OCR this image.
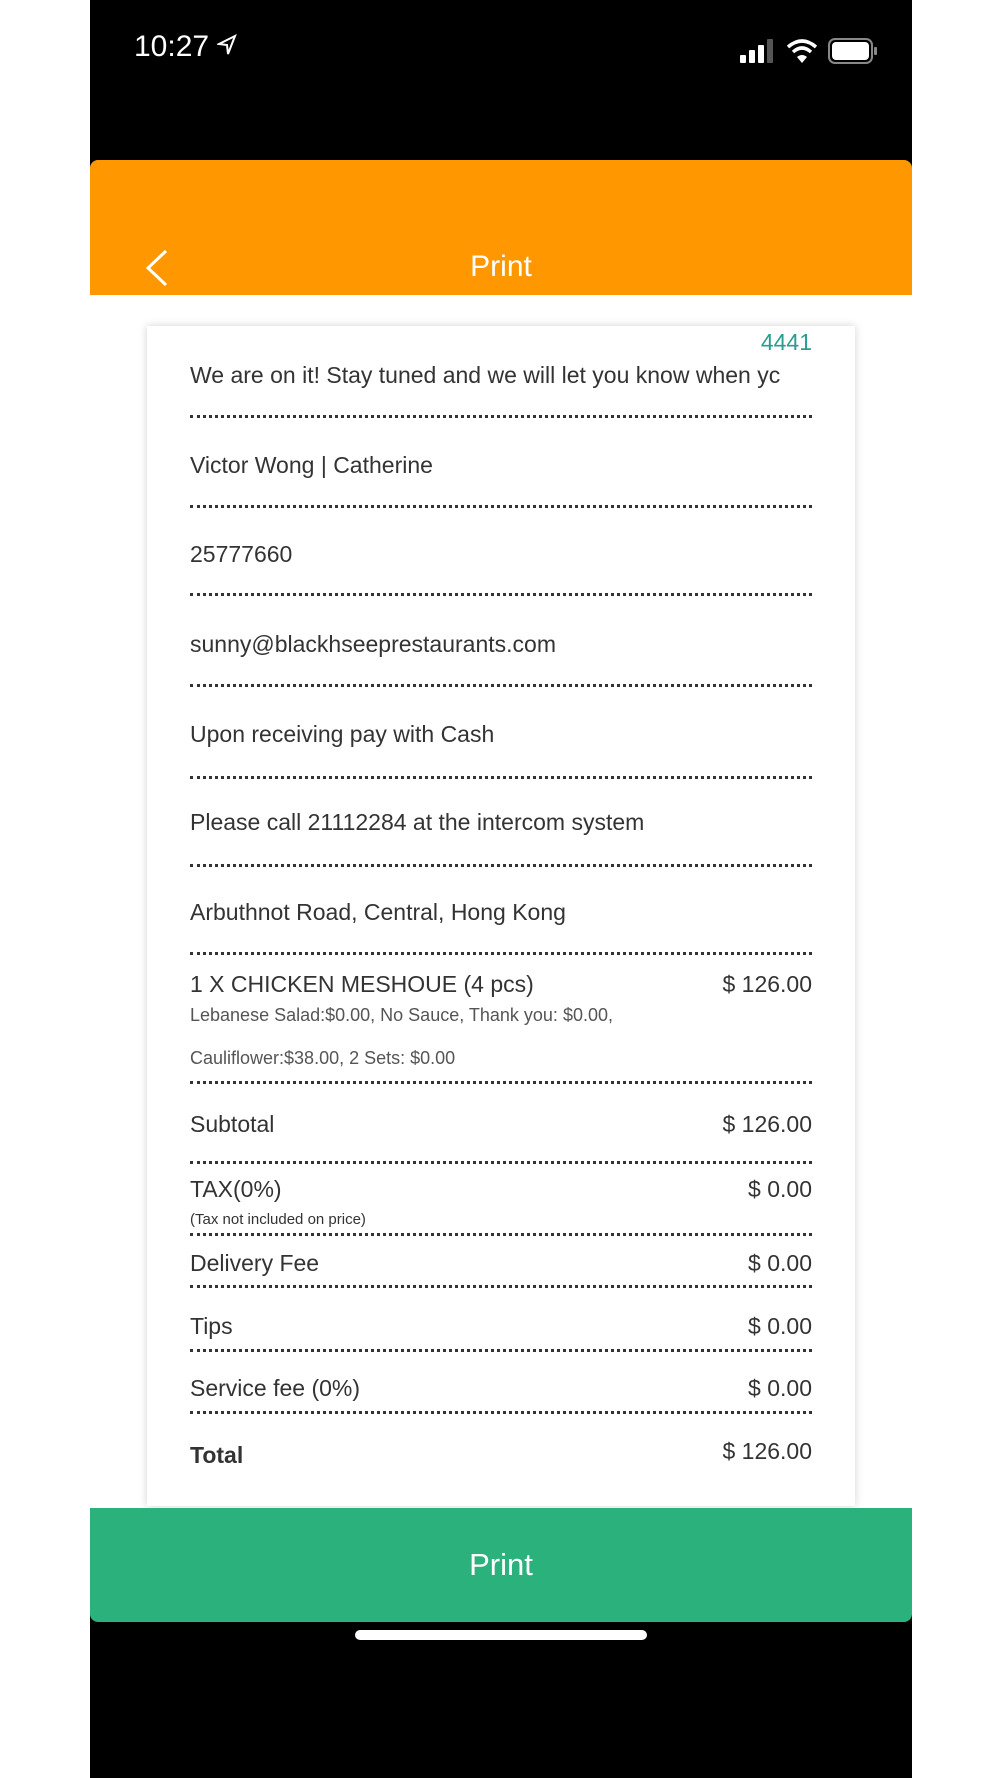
10:27
Print
4441
We are on it! Stay tuned and we will let you know when yc
Victor Wong | Catherine
25777660
sunny@blackhseeprestaurants.com
Upon receiving pay with Cash
Please call 21112284 at the intercom system
Arbuthnot Road, Central, Hong Kong
1 X CHICKEN MESHOUE (4 pcs)	$ 126.00
Lebanese Salad:$0.00, No Sauce, Thank you: $0.00,
Cauliflower:$38.00, 2 Sets: $0.00
Subtotal	$ 126.00
TAX(0%)	$ 0.00
(Tax not included on price)
Delivery Fee	$ 0.00
Tips	$ 0.00
Service fee (0%)	$ 0.00
Total	$ 126.00
Print
